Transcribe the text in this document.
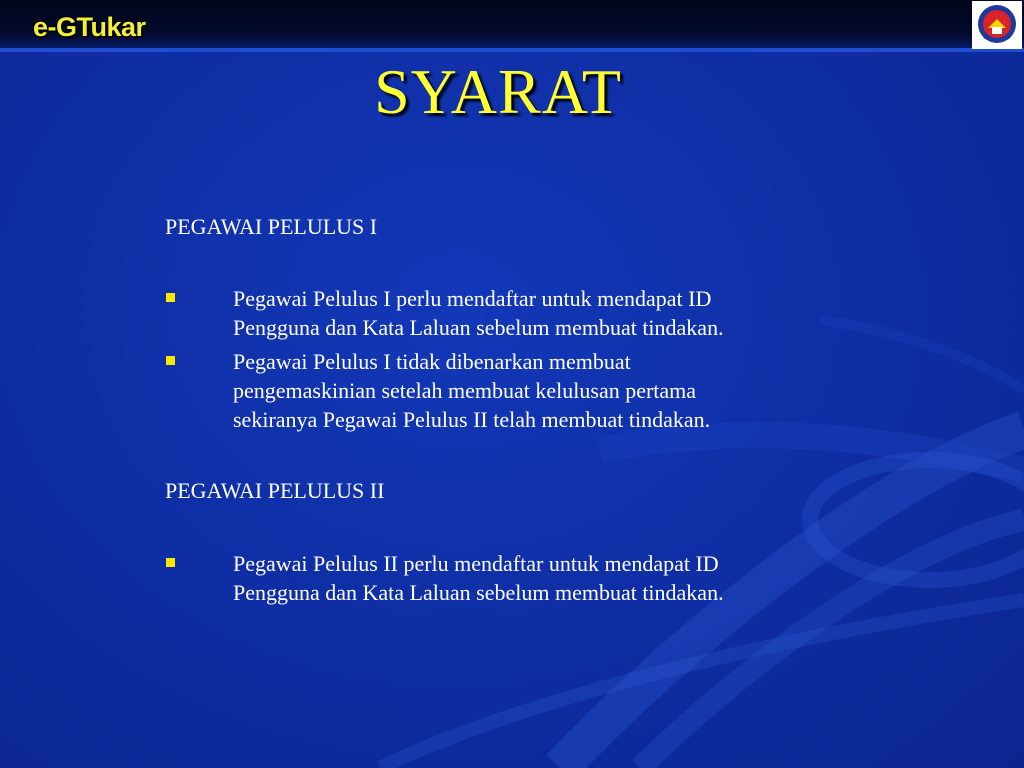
e-GTukar
SYARAT
PEGAWAI PELULUS I
Pegawai Pelulus I perlu mendaftar untuk mendapat ID
Pengguna dan Kata Laluan sebelum membuat tindakan.
Pegawai Pelulus I tidak dibenarkan membuat
pengemaskinian setelah membuat kelulusan pertama
sekiranya Pegawai Pelulus II telah membuat tindakan.
PEGAWAI PELULUS II
Pegawai Pelulus II perlu mendaftar untuk mendapat ID
Pengguna dan Kata Laluan sebelum membuat tindakan.
